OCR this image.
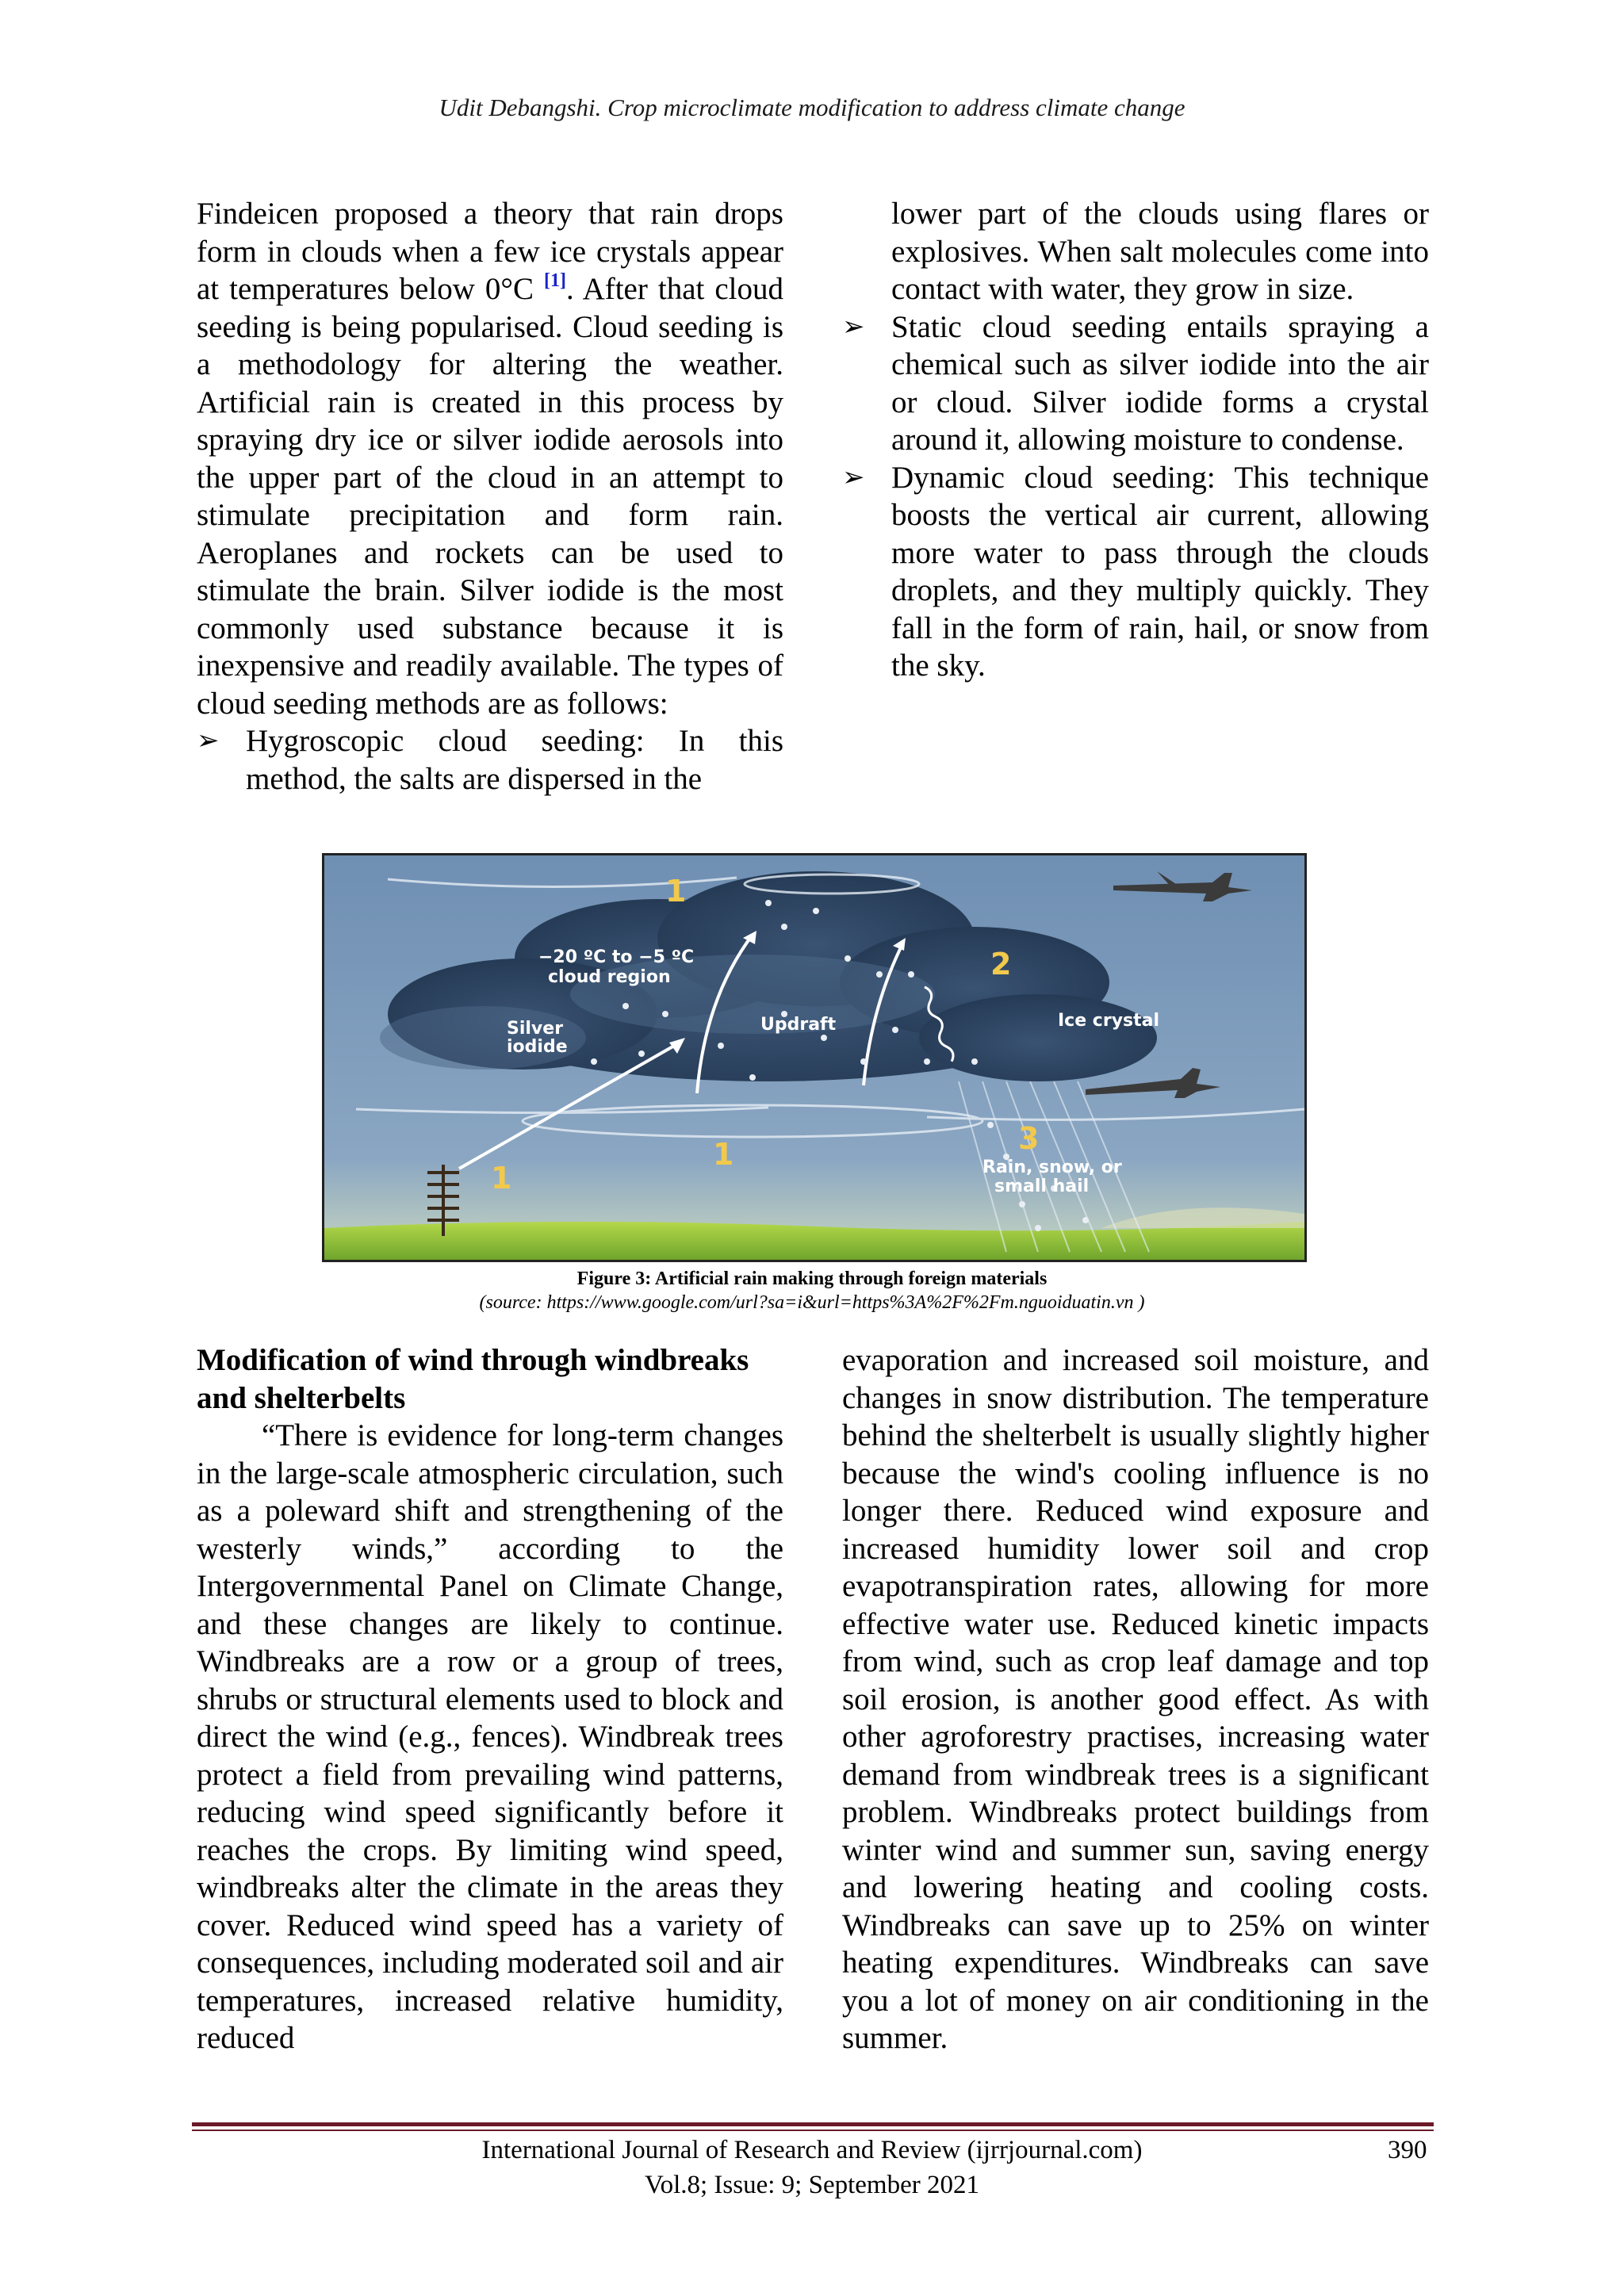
Udit Debangshi. Crop microclimate modification to address climate change

Findeicen proposed a theory that rain drops form in clouds when a few ice crystals appear at temperatures below 0°C [1]. After that cloud seeding is being popularised. Cloud seeding is a methodology for altering the weather. Artificial rain is created in this process by spraying dry ice or silver iodide aerosols into the upper part of the cloud in an attempt to stimulate precipitation and form rain. Aeroplanes and rockets can be used to stimulate the brain. Silver iodide is the most commonly used substance because it is inexpensive and readily available. The types of cloud seeding methods are as follows:

➢ Hygroscopic cloud seeding: In this method, the salts are dispersed in the

lower part of the clouds using flares or explosives. When salt molecules come into contact with water, they grow in size.

➢ Static cloud seeding entails spraying a chemical such as silver iodide into the air or cloud. Silver iodide forms a crystal around it, allowing moisture to condense.
➢ Dynamic cloud seeding: This technique boosts the vertical air current, allowing more water to pass through the clouds droplets, and they multiply quickly. They fall in the form of rain, hail, or snow from the sky.
1
2
3
1
1
−20 ºC to −5 ºC
cloud region
Silver
iodide
Updraft	Ice crystal
Rain, snow, or
small hail
Figure 3: Artificial rain making through foreign materials
(source: https://www.google.com/url?sa=i&url=https%3A%2F%2Fm.nguoiduatin.vn )

Modification of wind through windbreaks and shelterbelts

“There is evidence for long-term changes in the large-scale atmospheric circulation, such as a poleward shift and strengthening of the westerly winds,” according to the Intergovernmental Panel on Climate Change, and these changes are likely to continue. Windbreaks are a row or a group of trees, shrubs or structural elements used to block and direct the wind (e.g., fences). Windbreak trees protect a field from prevailing wind patterns, reducing wind speed significantly before it reaches the crops. By limiting wind speed, windbreaks alter the climate in the areas they cover. Reduced wind speed has a variety of consequences, including moderated soil and air temperatures, increased relative humidity, reduced

evaporation and increased soil moisture, and changes in snow distribution. The temperature behind the shelterbelt is usually slightly higher because the wind's cooling influence is no longer there. Reduced wind exposure and increased humidity lower soil and crop evapotranspiration rates, allowing for more effective water use. Reduced kinetic impacts from wind, such as crop leaf damage and top soil erosion, is another good effect. As with other agroforestry practises, increasing water demand from windbreak trees is a significant problem. Windbreaks protect buildings from winter wind and summer sun, saving energy and lowering heating and cooling costs. Windbreaks can save up to 25% on winter heating expenditures. Windbreaks can save you a lot of money on air conditioning in the summer.

International Journal of Research and Review (ijrrjournal.com)
Vol.8; Issue: 9; September 2021
390
